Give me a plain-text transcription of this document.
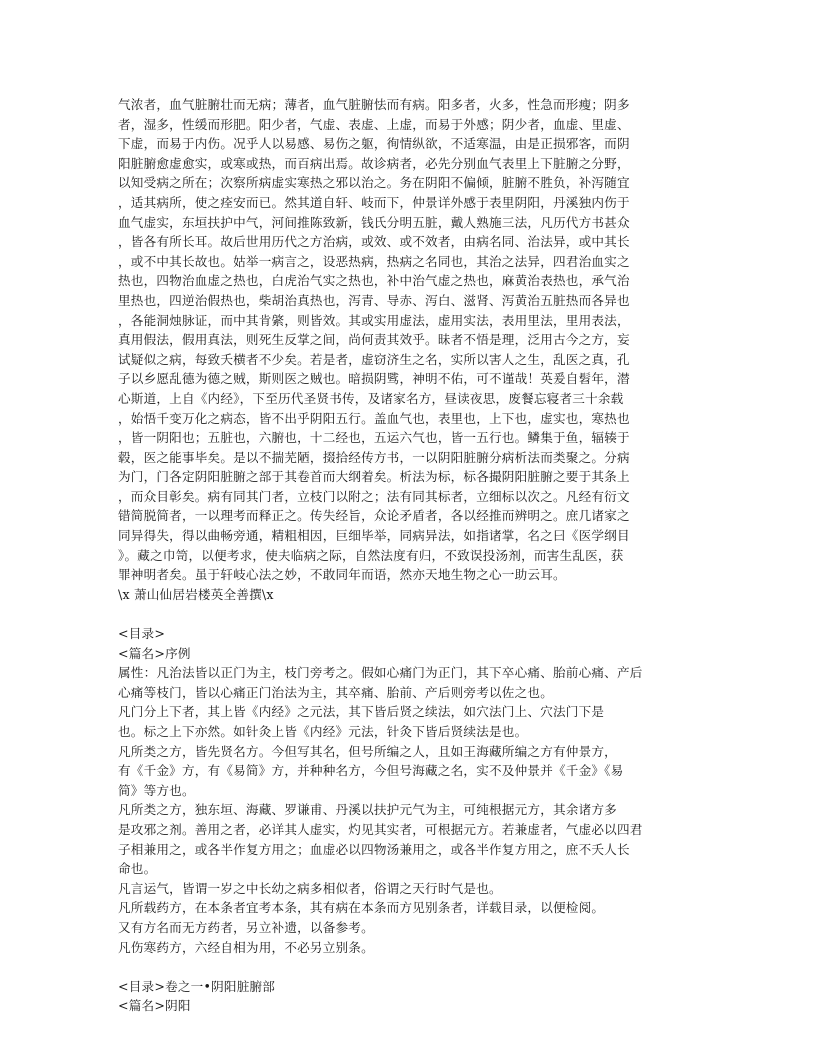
气浓者，血气脏腑壮而无病；薄者，血气脏腑怯而有病。阳多者，火多，性急而形瘦；阴多
者，湿多，性缓而形肥。阳少者，气虚、表虚、上虚，而易于外感；阴少者，血虚、里虚、
下虚，而易于内伤。况乎人以易感、易伤之躯，徇情纵欲，不适寒温，由是正损邪客，而阴
阳脏腑愈虚愈实，或寒或热，而百病出焉。故诊病者，必先分别血气表里上下脏腑之分野，
以知受病之所在；次察所病虚实寒热之邪以治之。务在阴阳不偏倾，脏腑不胜负，补泻随宜
，适其病所，使之痊安而已。然其道自轩、岐而下，仲景详外感于表里阴阳，丹溪独内伤于
血气虚实，东垣扶护中气，河间推陈致新，钱氏分明五脏，戴人熟施三法，凡历代方书甚众
，皆各有所长耳。故后世用历代之方治病，或效、或不效者，由病名同、治法异，或中其长
，或不中其长故也。姑举一病言之，设恶热病，热病之名同也，其治之法异，四君治血实之
热也，四物治血虚之热也，白虎治气实之热也，补中治气虚之热也，麻黄治表热也，承气治
里热也，四逆治假热也，柴胡治真热也，泻青、导赤、泻白、滋肾、泻黄治五脏热而各异也
，各能洞烛脉证，而中其肯綮，则皆效。其或实用虚法，虚用实法，表用里法，里用表法，
真用假法，假用真法，则死生反掌之间，尚何责其效乎。昧者不悟是理，泛用古今之方，妄
试疑似之病，每致夭横者不少矣。若是者，虚窃济生之名，实所以害人之生，乱医之真，孔
子以乡愿乱德为德之贼，斯则医之贼也。暗损阴骘，神明不佑，可不谨哉！英爰自髫年，潜
心斯道，上自《内经》，下至历代圣贤书传，及诸家名方，昼读夜思，废餐忘寝者三十余载
，始悟千变万化之病态，皆不出乎阴阳五行。盖血气也，表里也，上下也，虚实也，寒热也
，皆一阴阳也；五脏也，六腑也，十二经也，五运六气也，皆一五行也。鳞集于鱼，辐辏于
毂，医之能事毕矣。是以不揣芜陋，掇拾经传方书，一以阴阳脏腑分病析法而类聚之。分病
为门，门各定阴阳脏腑之部于其卷首而大纲着矣。析法为标，标各撮阴阳脏腑之要于其条上
，而众目彰矣。病有同其门者，立枝门以附之；法有同其标者，立细标以次之。凡经有衍文
错简脱简者，一以理考而释正之。传失经旨，众论矛盾者，各以经推而辨明之。庶几诸家之
同异得失，得以曲畅旁通，精粗相因，巨细毕举，同病异法，如指诸掌，名之曰《医学纲目
》。藏之巾笥，以便考求，使夫临病之际，自然法度有归，不致误投汤剂，而害生乱医，获
罪神明者矣。虽于轩岐心法之妙，不敢同年而语，然亦天地生物之心一助云耳。
\x 萧山仙居岩楼英全善撰\x
<目录>
<篇名>序例
属性：凡治法皆以正门为主，枝门旁考之。假如心痛门为正门，其下卒心痛、胎前心痛、产后
心痛等枝门，皆以心痛正门治法为主，其卒痛、胎前、产后则旁考以佐之也。
凡门分上下者，其上皆《内经》之元法，其下皆后贤之续法，如穴法门上、穴法门下是
也。标之上下亦然。如针灸上皆《内经》元法，针灸下皆后贤续法是也。
凡所类之方，皆先贤名方。今但写其名，但号所编之人，且如王海藏所编之方有仲景方，
有《千金》方，有《易简》方，并种种名方，今但号海藏之名，实不及仲景并《千金》《易
简》等方也。
凡所类之方，独东垣、海藏、罗谦甫、丹溪以扶护元气为主，可纯根据元方，其余诸方多
是攻邪之剂。善用之者，必详其人虚实，灼见其实者，可根据元方。若兼虚者，气虚必以四君
子相兼用之，或各半作复方用之；血虚必以四物汤兼用之，或各半作复方用之，庶不夭人长
命也。
凡言运气，皆谓一岁之中长幼之病多相似者，俗谓之天行时气是也。
凡所载药方，在本条者宜考本条，其有病在本条而方见别条者，详载目录，以便检阅。
又有方名而无方药者，另立补遗，以备参考。
凡伤寒药方，六经自相为用，不必另立别条。
<目录>卷之一•阴阳脏腑部
<篇名>阴阳
